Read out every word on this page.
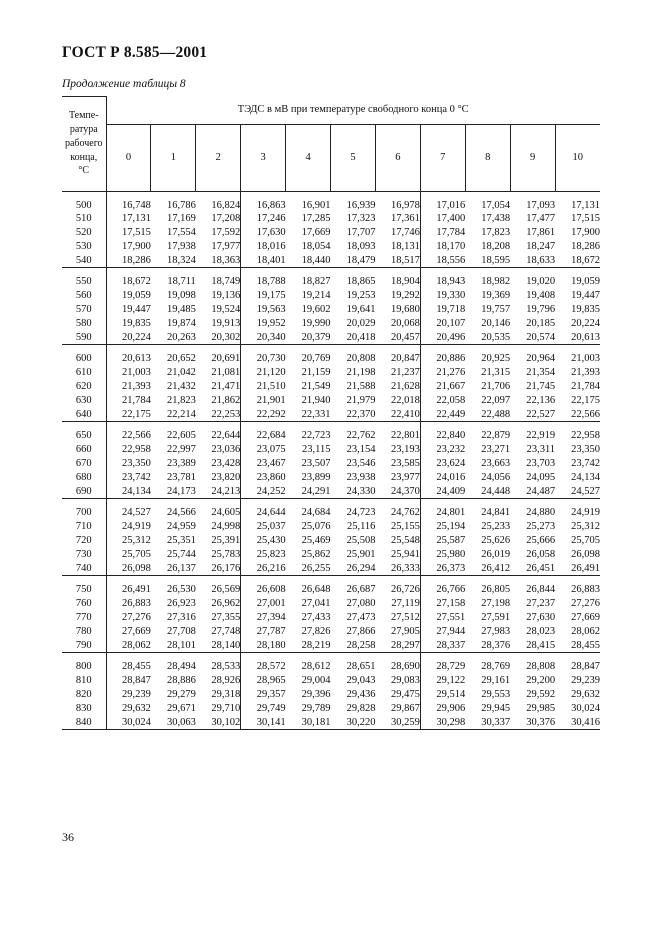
ГОСТ Р 8.585—2001
Продолжение таблицы 8
Темпе-ратура рабочего конца, °С	ТЭДС в мВ при температуре свободного конца 0 °С										
	0	1	2	3	4	5	6	7	8	9	10
500	16,748	16,786	16,824	16,863	16,901	16,939	16,978	17,016	17,054	17,093	17,131
510	17,131	17,169	17,208	17,246	17,285	17,323	17,361	17,400	17,438	17,477	17,515
520	17,515	17,554	17,592	17,630	17,669	17,707	17,746	17,784	17,823	17,861	17,900
530	17,900	17,938	17,977	18,016	18,054	18,093	18,131	18,170	18,208	18,247	18,286
540	18,286	18,324	18,363	18,401	18,440	18,479	18,517	18,556	18,595	18,633	18,672
550	18,672	18,711	18,749	18,788	18,827	18,865	18,904	18,943	18,982	19,020	19,059
560	19,059	19,098	19,136	19,175	19,214	19,253	19,292	19,330	19,369	19,408	19,447
570	19,447	19,485	19,524	19,563	19,602	19,641	19,680	19,718	19,757	19,796	19,835
580	19,835	19,874	19,913	19,952	19,990	20,029	20,068	20,107	20,146	20,185	20,224
590	20,224	20,263	20,302	20,340	20,379	20,418	20,457	20,496	20,535	20,574	20,613
600	20,613	20,652	20,691	20,730	20,769	20,808	20,847	20,886	20,925	20,964	21,003
610	21,003	21,042	21,081	21,120	21,159	21,198	21,237	21,276	21,315	21,354	21,393
620	21,393	21,432	21,471	21,510	21,549	21,588	21,628	21,667	21,706	21,745	21,784
630	21,784	21,823	21,862	21,901	21,940	21,979	22,018	22,058	22,097	22,136	22,175
640	22,175	22,214	22,253	22,292	22,331	22,370	22,410	22,449	22,488	22,527	22,566
650	22,566	22,605	22,644	22,684	22,723	22,762	22,801	22,840	22,879	22,919	22,958
660	22,958	22,997	23,036	23,075	23,115	23,154	23,193	23,232	23,271	23,311	23,350
670	23,350	23,389	23,428	23,467	23,507	23,546	23,585	23,624	23,663	23,703	23,742
680	23,742	23,781	23,820	23,860	23,899	23,938	23,977	24,016	24,056	24,095	24,134
690	24,134	24,173	24,213	24,252	24,291	24,330	24,370	24,409	24,448	24,487	24,527
700	24,527	24,566	24,605	24,644	24,684	24,723	24,762	24,801	24,841	24,880	24,919
710	24,919	24,959	24,998	25,037	25,076	25,116	25,155	25,194	25,233	25,273	25,312
720	25,312	25,351	25,391	25,430	25,469	25,508	25,548	25,587	25,626	25,666	25,705
730	25,705	25,744	25,783	25,823	25,862	25,901	25,941	25,980	26,019	26,058	26,098
740	26,098	26,137	26,176	26,216	26,255	26,294	26,333	26,373	26,412	26,451	26,491
750	26,491	26,530	26,569	26,608	26,648	26,687	26,726	26,766	26,805	26,844	26,883
760	26,883	26,923	26,962	27,001	27,041	27,080	27,119	27,158	27,198	27,237	27,276
770	27,276	27,316	27,355	27,394	27,433	27,473	27,512	27,551	27,591	27,630	27,669
780	27,669	27,708	27,748	27,787	27,826	27,866	27,905	27,944	27,983	28,023	28,062
790	28,062	28,101	28,140	28,180	28,219	28,258	28,297	28,337	28,376	28,415	28,455
800	28,455	28,494	28,533	28,572	28,612	28,651	28,690	28,729	28,769	28,808	28,847
810	28,847	28,886	28,926	28,965	29,004	29,043	29,083	29,122	29,161	29,200	29,239
820	29,239	29,279	29,318	29,357	29,396	29,436	29,475	29,514	29,553	29,592	29,632
830	29,632	29,671	29,710	29,749	29,789	29,828	29,867	29,906	29,945	29,985	30,024
840	30,024	30,063	30,102	30,141	30,181	30,220	30,259	30,298	30,337	30,376	30,416
36
